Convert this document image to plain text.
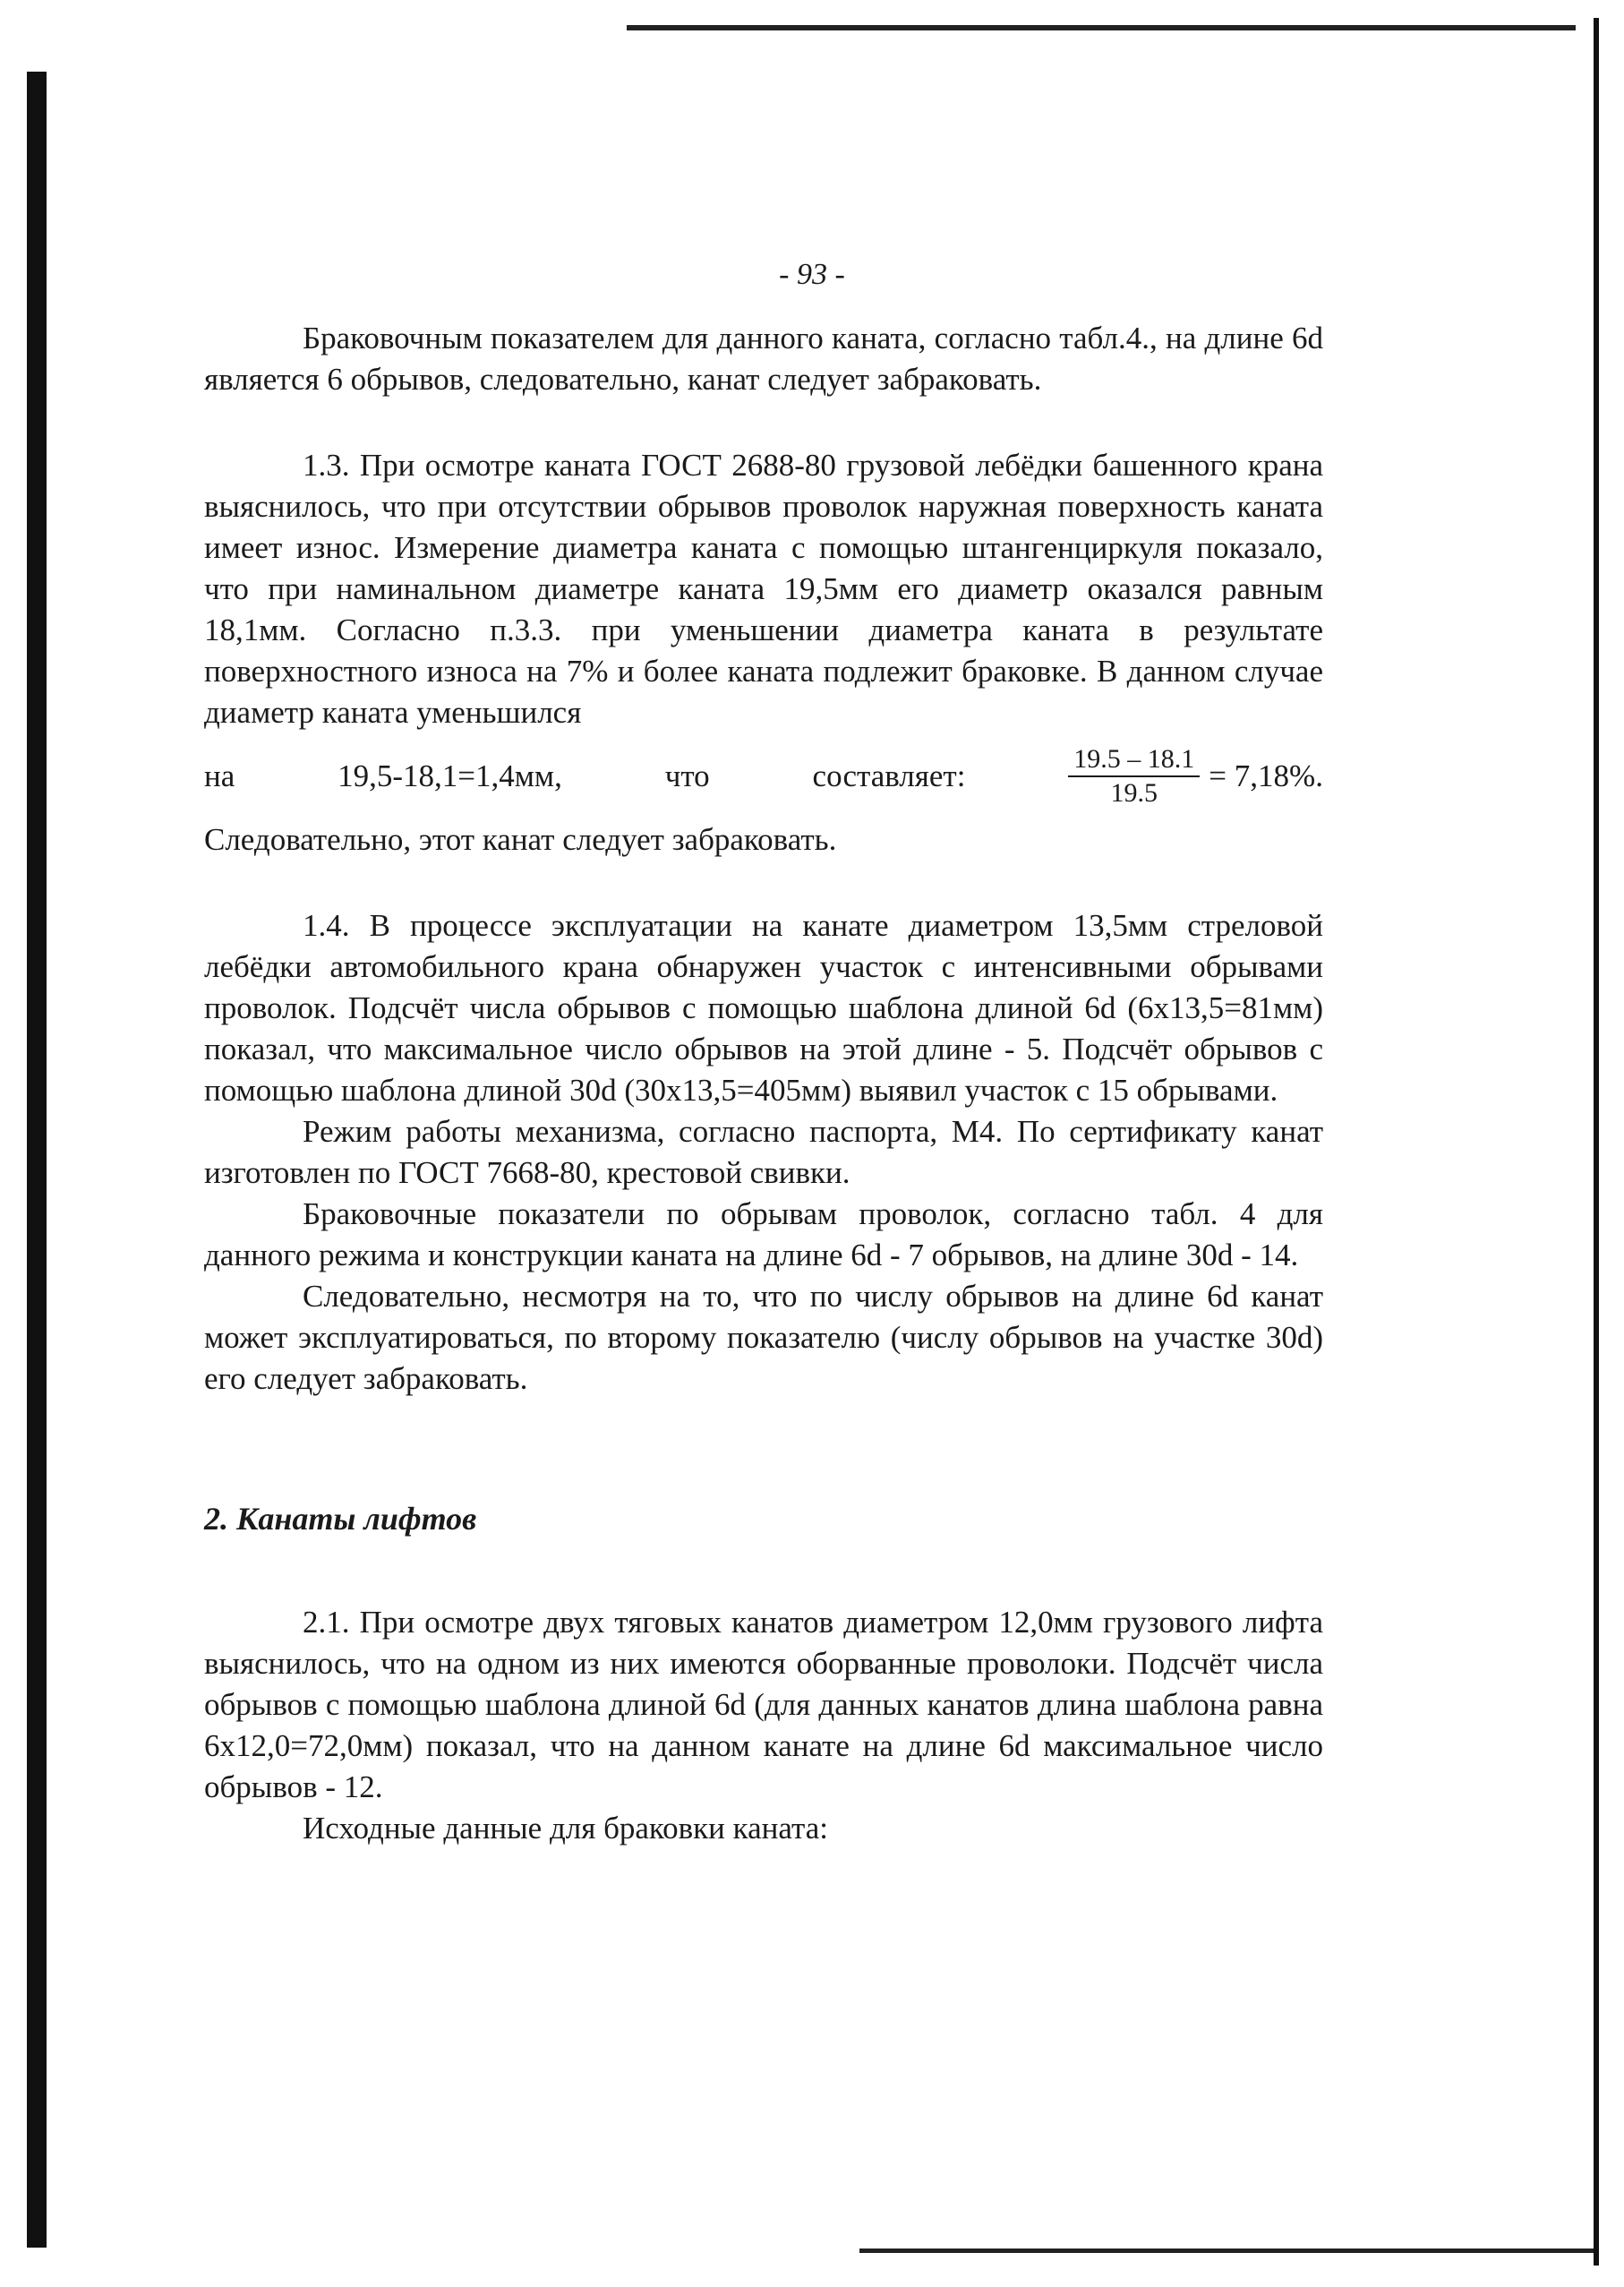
- 93 -

Браковочным показателем для данного каната, согласно табл.4., на длине 6d является 6 обрывов, следовательно, канат следует забраковать.

1.3. При осмотре каната ГОСТ 2688-80 грузовой лебёдки башенного крана выяснилось, что при отсутствии обрывов проволок наружная поверхность каната имеет износ. Измерение диаметра каната с помощью штангенциркуля показало, что при наминальном диаметре каната 19,5мм его диаметр оказался равным 18,1мм. Согласно п.3.3. при уменьшении диаметра каната в результате поверхностного износа на 7% и более каната подлежит браковке. В данном случае диаметр каната уменьшился

на	19,5-18,1=1,4мм,	что	составляет:	$\frac{19.5 - 18.1}{19.5} = 7,18\%$.

Следовательно, этот канат следует забраковать.

1.4. В процессе эксплуатации на канате диаметром 13,5мм стреловой лебёдки автомобильного крана обнаружен участок с интенсивными обрывами проволок. Подсчёт числа обрывов с помощью шаблона длиной 6d (6х13,5=81мм) показал, что максимальное число обрывов на этой длине - 5. Подсчёт обрывов с помощью шаблона длиной 30d (30х13,5=405мм) выявил участок с 15 обрывами.

Режим работы механизма, согласно паспорта, М4. По сертификату канат изготовлен по ГОСТ 7668-80, крестовой свивки.

Браковочные показатели по обрывам проволок, согласно табл. 4 для данного режима и конструкции каната на длине 6d - 7 обрывов, на длине 30d - 14.

Следовательно, несмотря на то, что по числу обрывов на длине 6d канат может эксплуатироваться, по второму показателю (числу обрывов на участке 30d) его следует забраковать.

2. Канаты лифтов

2.1. При осмотре двух тяговых канатов диаметром 12,0мм грузового лифта выяснилось, что на одном из них имеются оборванные проволоки. Подсчёт числа обрывов с помощью шаблона длиной 6d (для данных канатов длина шаблона равна 6х12,0=72,0мм) показал, что на данном канате на длине 6d максимальное число обрывов - 12.

Исходные данные для браковки каната:
